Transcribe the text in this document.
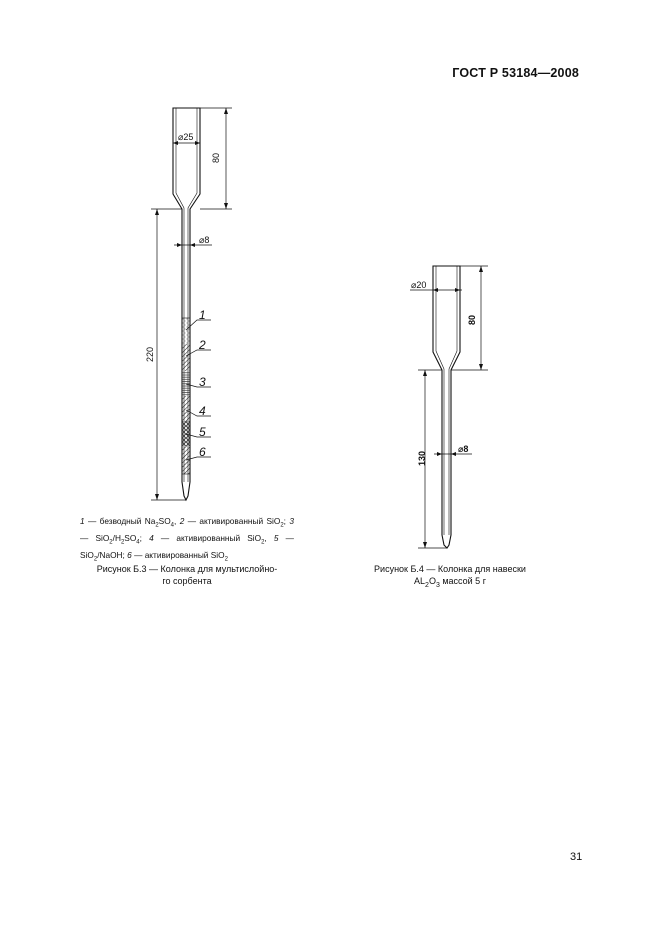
ГОСТ Р 53184—2008
1
2
3
4
5
6
⌀25
80
⌀8
220
⌀20
80
⌀8
130
1 — безводный $Na_2SO_4$, 2 — активированный SiO$_2$; 3 — $SiO_2/H_2SO_4$; 4 — активированный SiO$_2$, 5 — SiO$_2$/NaOH; 6 — активированный SiO$_2$
Рисунок Б.3 — Колонка для мультислойно-
го сорбента
Рисунок Б.4 — Колонка для навески
$AL_2O_3$ массой 5 г
31
